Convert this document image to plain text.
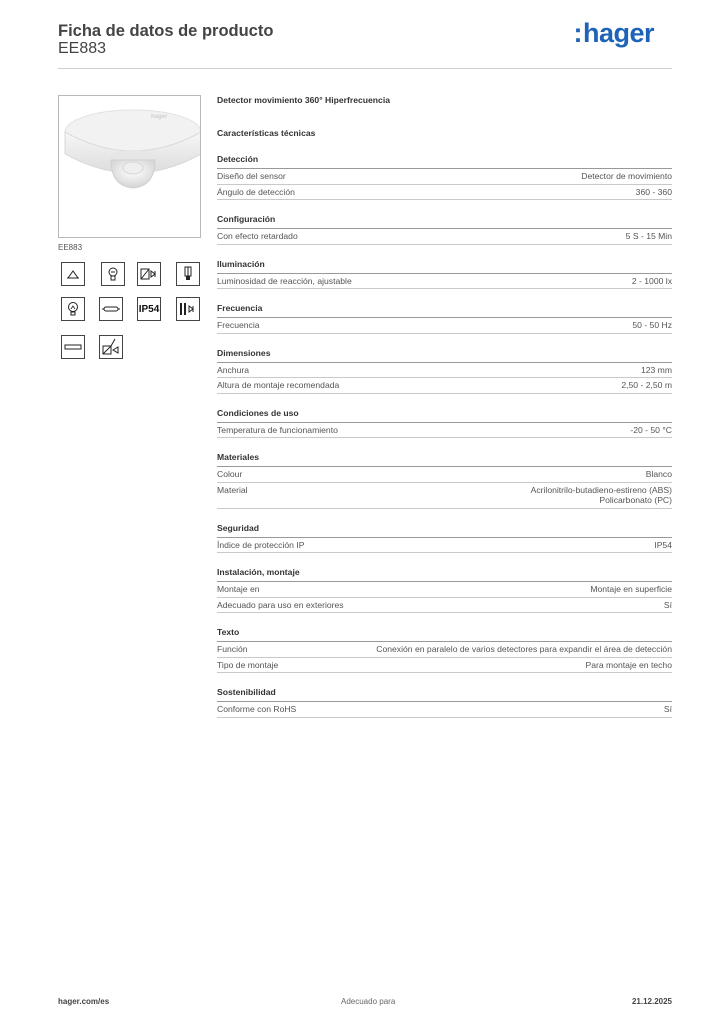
Ficha de datos de producto
EE883
:hager
hager
EE883
IP54
Detector movimiento 360° Hiperfrecuencia
Características técnicas
Detección
Diseño del sensor	Detector de movimiento
Ángulo de detección	360 - 360
Configuración
Con efecto retardado	5 S - 15 Min
Iluminación
Luminosidad de reacción, ajustable	2 - 1000 lx
Frecuencia
Frecuencia	50 - 50 Hz
Dimensiones
Anchura	123 mm
Altura de montaje recomendada	2,50 - 2,50 m
Condiciones de uso
Temperatura de funcionamiento	-20 - 50 °C
Materiales
Colour	Blanco
Material	Acrilonitrilo-butadieno-estireno (ABS)
Policarbonato (PC)
Seguridad
Índice de protección IP	IP54
Instalación, montaje
Montaje en	Montaje en superficie
Adecuado para uso en exteriores	Sí
Texto
Función	Conexión en paralelo de varios detectores para expandir el área de detección
Tipo de montaje	Para montaje en techo
Sostenibilidad
Conforme con RoHS	Sí
hager.com/es	Adecuado para	21.12.2025
